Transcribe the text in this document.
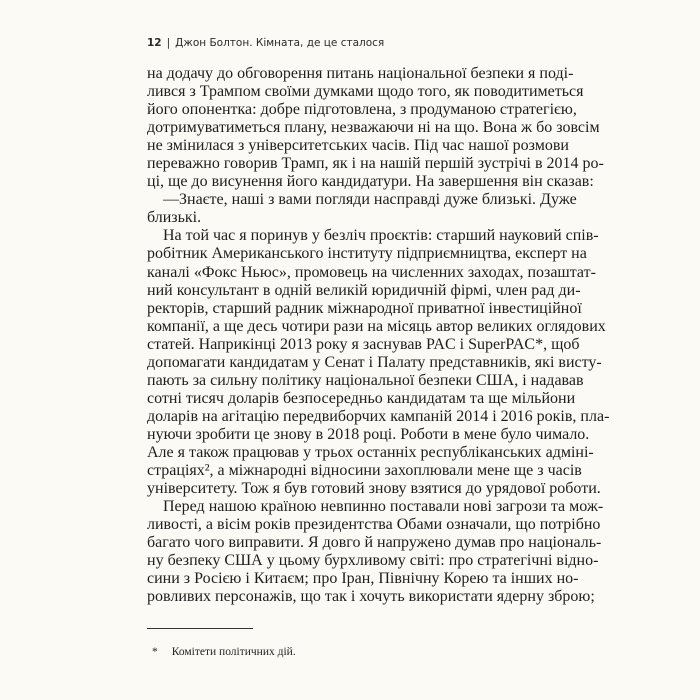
12 | Джон Болтон. Кімната, де це сталося
на додачу до обговорення питань національної безпеки я поді-
лився з Трампом своїми думками щодо того, як поводитиметься
його опонентка: добре підготовлена, з продуманою стратегією,
дотримуватиметься плану, незважаючи ні на що. Вона ж бо зовсім
не змінилася з університетських часів. Під час нашої розмови
переважно говорив Трамп, як і на нашій першій зустрічі в 2014 ро-
ці, ще до висунення його кандидатури. На завершення він сказав:
—Знаєте, наші з вами погляди насправді дуже близькі. Дуже
близькі.
На той час я поринув у безліч проєктів: старший науковий спів-
робітник Американського інституту підприємництва, експерт на
каналі «Фокс Ньюс», промовець на численних заходах, позаштат-
ний консультант в одній великій юридичній фірмі, член рад ди-
ректорів, старший радник міжнародної приватної інвестиційної
компанії, а ще десь чотири рази на місяць автор великих оглядових
статей. Наприкінці 2013 року я заснував PAC і SuperPAC*, щоб
допомагати кандидатам у Сенат і Палату представників, які висту-
пають за сильну політику національної безпеки США, і надавав
сотні тисяч доларів безпосередньо кандидатам та ще мільйони
доларів на агітацію передвиборчих кампаній 2014 і 2016 років, пла-
нуючи зробити це знову в 2018 році. Роботи в мене було чимало.
Але я також працював у трьох останніх республіканських адміні-
страціях², а міжнародні відносини захоплювали мене ще з часів
університету. Тож я був готовий знову взятися до урядової роботи.
Перед нашою країною невпинно поставали нові загрози та мож-
ливості, а вісім років президентства Обами означали, що потрібно
багато чого виправити. Я довго й напружено думав про національ-
ну безпеку США у цьому бурхливому світі: про стратегічні відно-
сини з Росією і Китаєм; про Іран, Північну Корею та інших но-
ровливих персонажів, що так і хочуть використати ядерну зброю;
* Комітети політичних дій.
